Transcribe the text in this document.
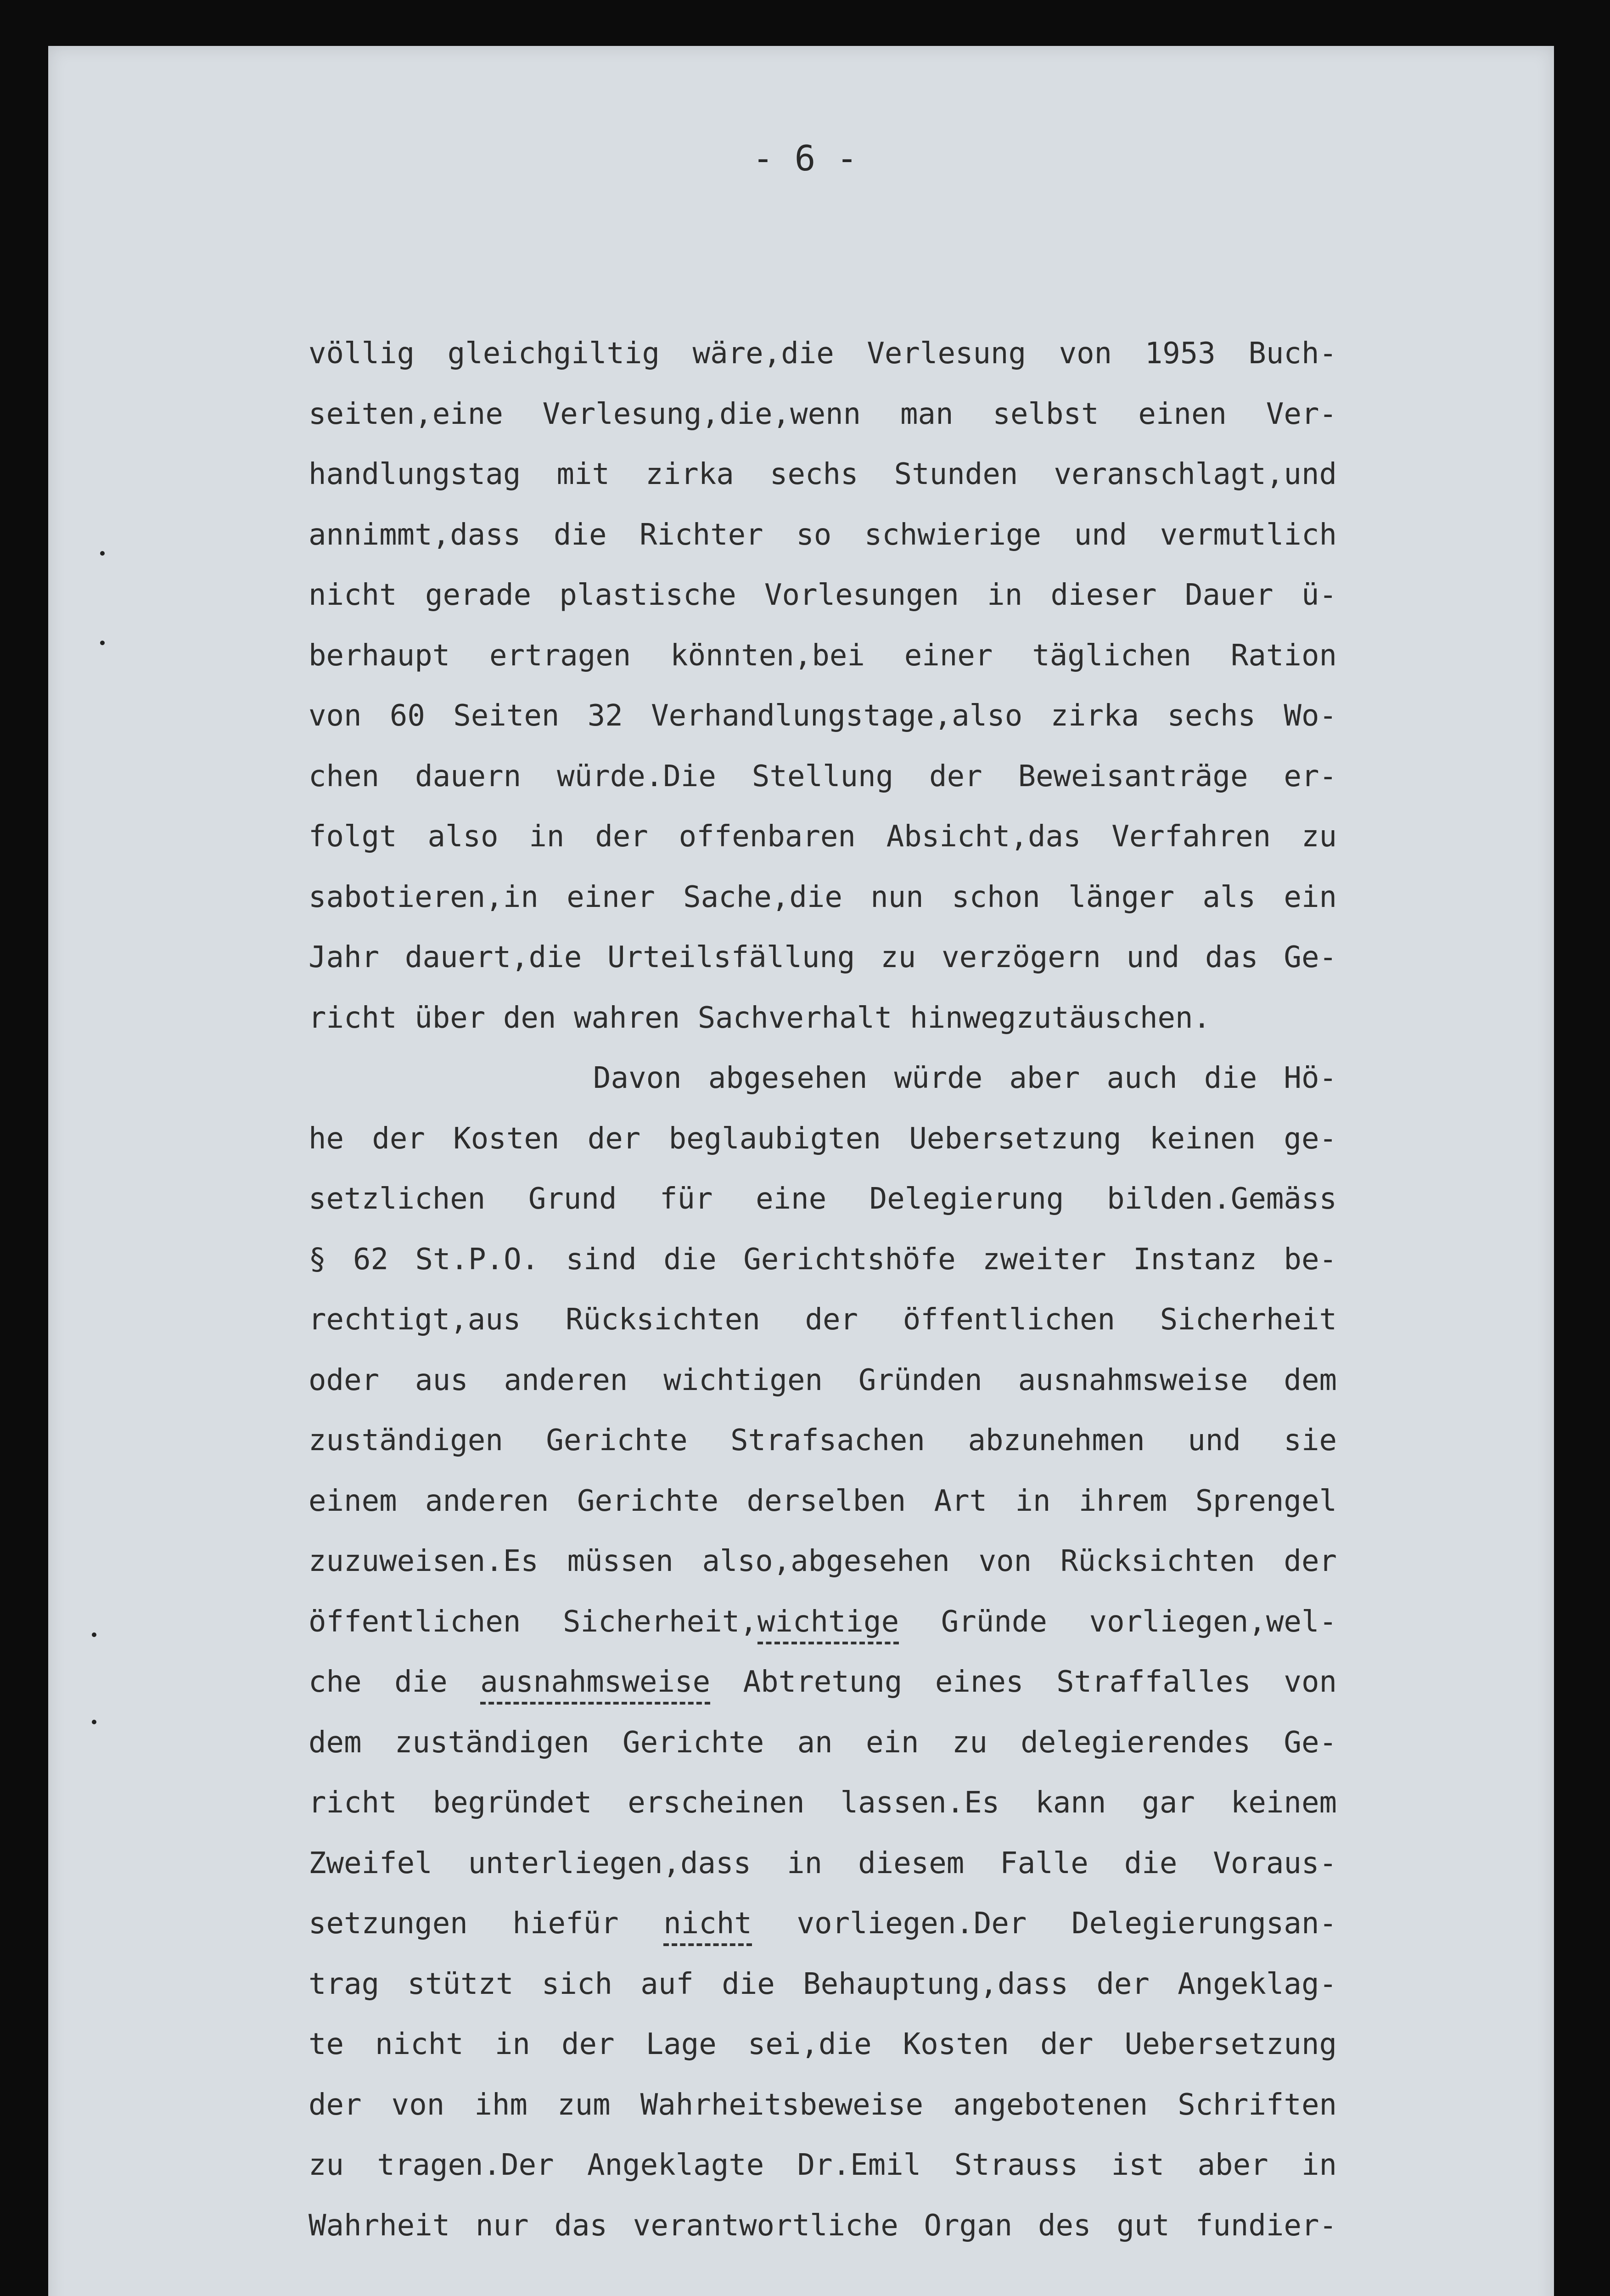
- 6 -
völlig gleichgiltig wäre,die Verlesung von 1953 Buch-
seiten,eine Verlesung,die,wenn man selbst einen Ver-
handlungstag mit zirka sechs Stunden veranschlagt,und
annimmt,dass die Richter so schwierige und vermutlich
nicht gerade plastische Vorlesungen in dieser Dauer ü-
berhaupt ertragen könnten,bei einer täglichen Ration
von 60 Seiten 32 Verhandlungstage,also zirka sechs Wo-
chen dauern würde.Die Stellung der Beweisanträge er-
folgt also in der offenbaren Absicht,das Verfahren zu
sabotieren,in einer Sache,die nun schon länger als ein
Jahr dauert,die Urteilsfällung zu verzögern und das Ge-
richt über den wahren Sachverhalt hinwegzutäuschen.
Davon abgesehen würde aber auch die Hö-
he der Kosten der beglaubigten Uebersetzung keinen ge-
setzlichen Grund für eine Delegierung bilden.Gemäss
§ 62 St.P.O. sind die Gerichtshöfe zweiter Instanz be-
rechtigt,aus Rücksichten der öffentlichen Sicherheit
oder aus anderen wichtigen Gründen ausnahmsweise dem
zuständigen Gerichte Strafsachen abzunehmen und sie
einem anderen Gerichte derselben Art in ihrem Sprengel
zuzuweisen.Es müssen also,abgesehen von Rücksichten der
öffentlichen Sicherheit,wichtige Gründe vorliegen,wel-
che die ausnahmsweise Abtretung eines Straffalles von
dem zuständigen Gerichte an ein zu delegierendes Ge-
richt begründet erscheinen lassen.Es kann gar keinem
Zweifel unterliegen,dass in diesem Falle die Voraus-
setzungen hiefür nicht vorliegen.Der Delegierungsan-
trag stützt sich auf die Behauptung,dass der Angeklag-
te nicht in der Lage sei,die Kosten der Uebersetzung
der von ihm zum Wahrheitsbeweise angebotenen Schriften
zu tragen.Der Angeklagte Dr.Emil Strauss ist aber in
Wahrheit nur das verantwortliche Organ des gut fundier-
